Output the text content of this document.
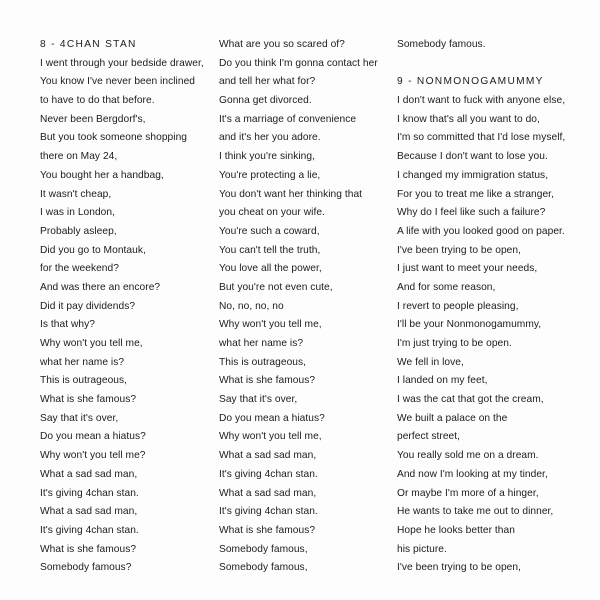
8 - 4CHAN STAN
I went through your bedside drawer,
You know I've never been inclined
to have to do that before.
Never been Bergdorf's,
But you took someone shopping
there on May 24,
You bought her a handbag,
It wasn't cheap,
I was in London,
Probably asleep,
Did you go to Montauk,
for the weekend?
And was there an encore?
Did it pay dividends?
Is that why?
Why won't you tell me,
what her name is?
This is outrageous,
What is she famous?
Say that it's over,
Do you mean a hiatus?
Why won't you tell me?
What a sad sad man,
It's giving 4chan stan.
What a sad sad man,
It's giving 4chan stan.
What is she famous?
Somebody famous?
What are you so scared of?
Do you think I'm gonna contact her
and tell her what for?
Gonna get divorced.
It's a marriage of convenience
and it's her you adore.
I think you're sinking,
You're protecting a lie,
You don't want her thinking that
you cheat on your wife.
You're such a coward,
You can't tell the truth,
You love all the power,
But you're not even cute,
No, no, no, no
Why won't you tell me,
what her name is?
This is outrageous,
What is she famous?
Say that it's over,
Do you mean a hiatus?
Why won't you tell me,
What a sad sad man,
It's giving 4chan stan.
What a sad sad man,
It's giving 4chan stan.
What is she famous?
Somebody famous,
Somebody famous,
Somebody famous.
9 - NONMONOGAMUMMY
I don't want to fuck with anyone else,
I know that's all you want to do,
I'm so committed that I'd lose myself,
Because I don't want to lose you.
I changed my immigration status,
For you to treat me like a stranger,
Why do I feel like such a failure?
A life with you looked good on paper.
I've been trying to be open,
I just want to meet your needs,
And for some reason,
I revert to people pleasing,
I'll be your Nonmonogamummy,
I'm just trying to be open.
We fell in love,
I landed on my feet,
I was the cat that got the cream,
We built a palace on the
perfect street,
You really sold me on a dream.
And now I'm looking at my tinder,
Or maybe I'm more of a hinger,
He wants to take me out to dinner,
Hope he looks better than
his picture.
I've been trying to be open,
